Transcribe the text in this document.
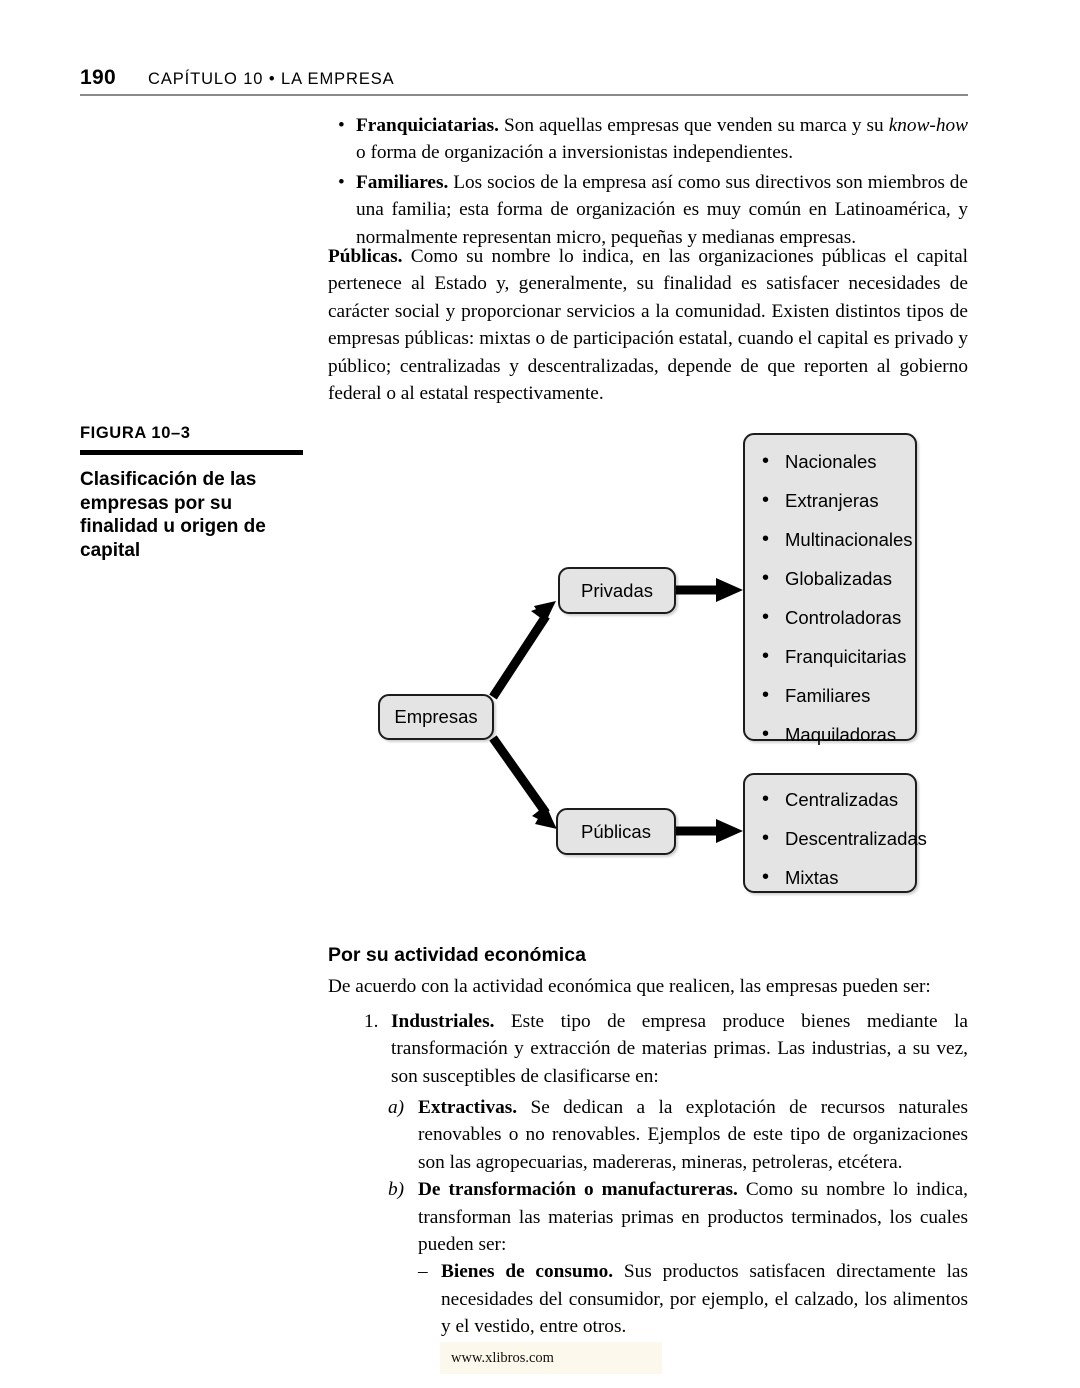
190 CAPÍTULO 10 • LA EMPRESA
• Franquiciatarias. Son aquellas empresas que venden su marca y su know-how o forma de organización a inversionistas independientes.

• Familiares. Los socios de la empresa así como sus directivos son miembros de una familia; esta forma de organización es muy común en Latinoamérica, y normalmente representan micro, pequeñas y medianas empresas.

Públicas. Como su nombre lo indica, en las organizaciones públicas el capital pertenece al Estado y, generalmente, su finalidad es satisfacer necesidades de carácter social y proporcionar servicios a la comunidad. Existen distintos tipos de empresas públicas: mixtas o de participación estatal, cuando el capital es privado y público; centralizadas y descentralizadas, depende de que reporten al gobierno federal o al estatal respectivamente.

FIGURA 10–3
Clasificación de las empresas por su finalidad u origen de capital
Empresas
Privadas
Públicas
• Nacionales
• Extranjeras
• Multinacionales
• Globalizadas
• Controladoras
• Franquicitarias
• Familiares
• Maquiladoras
• Centralizadas
• Descentralizadas
• Mixtas
Por su actividad económica

De acuerdo con la actividad económica que realicen, las empresas pueden ser:

1. Industriales. Este tipo de empresa produce bienes mediante la transformación y extracción de materias primas. Las industrias, a su vez, son susceptibles de clasificarse en:

a) Extractivas. Se dedican a la explotación de recursos naturales renovables o no renovables. Ejemplos de este tipo de organizaciones son las agropecuarias, madereras, mineras, petroleras, etcétera.

b) De transformación o manufactureras. Como su nombre lo indica, transforman las materias primas en productos terminados, los cuales pueden ser:

– Bienes de consumo. Sus productos satisfacen directamente las necesidades del consumidor, por ejemplo, el calzado, los alimentos y el vestido, entre otros.

www.xlibros.com
